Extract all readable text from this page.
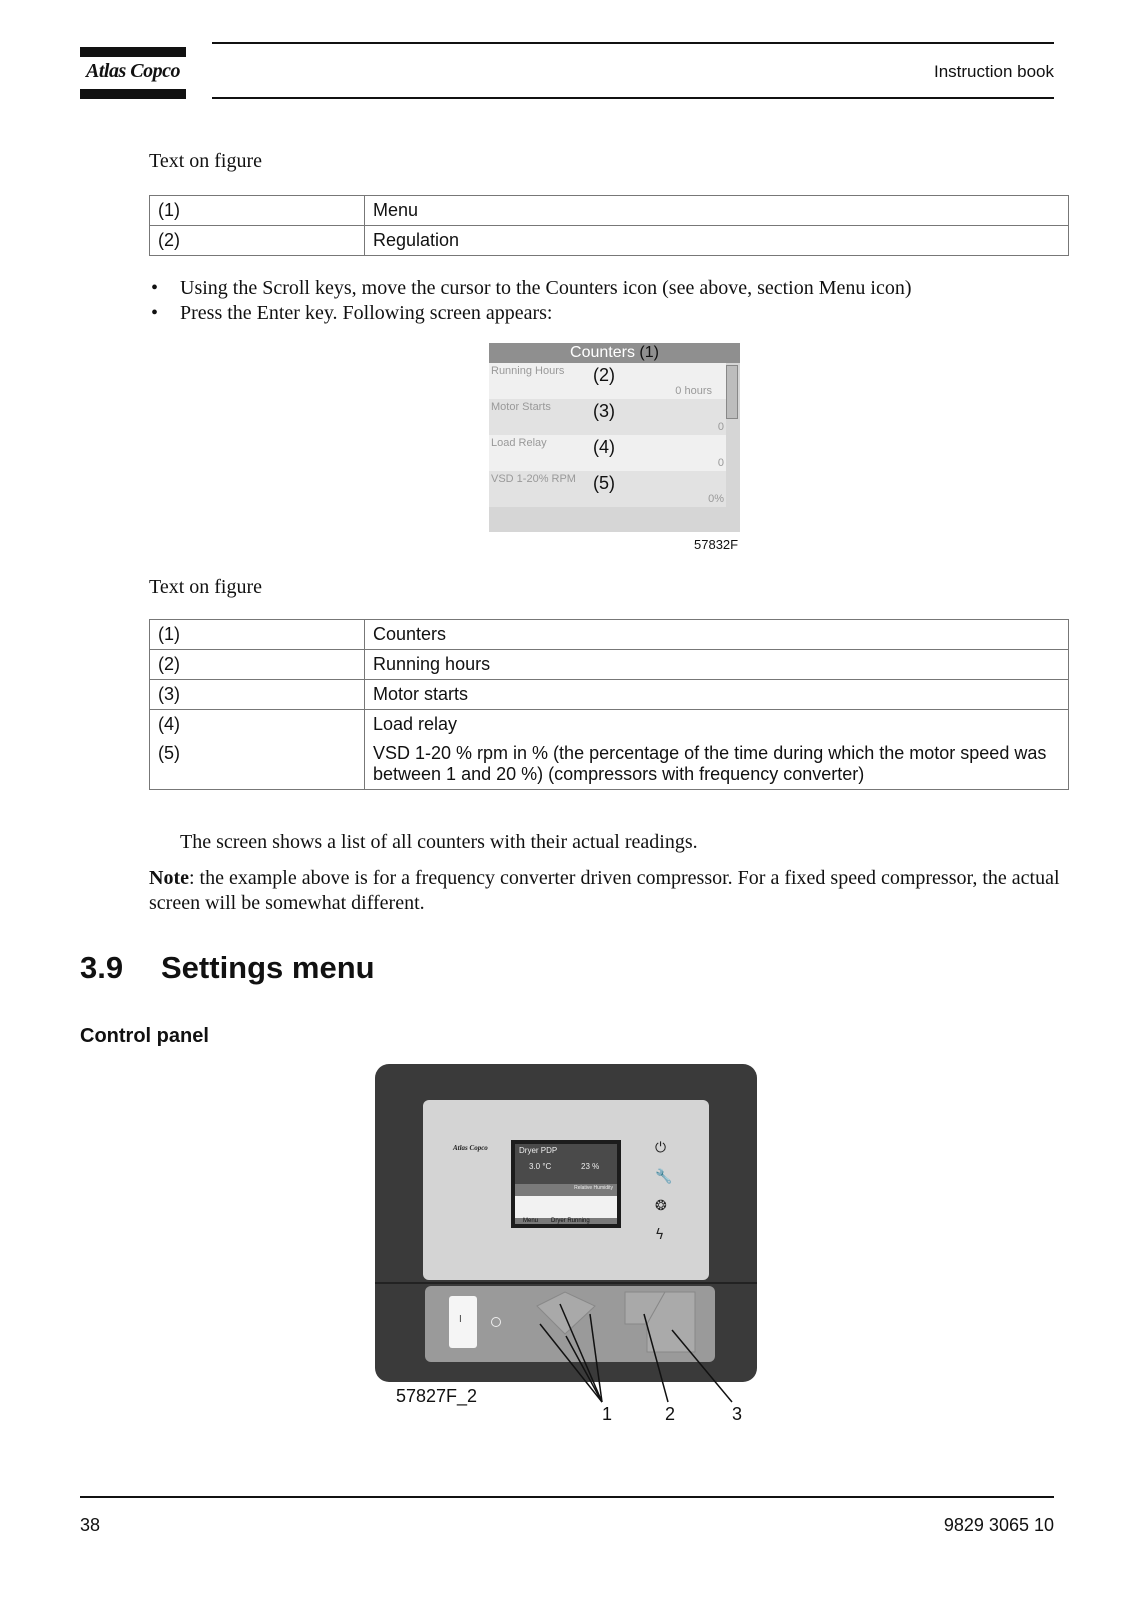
Atlas Copco	Instruction book
Text on figure
(1)	Menu
(2)	Regulation
• Using the Scroll keys, move the cursor to the Counters icon (see above, section Menu icon)
• Press the Enter key. Following screen appears:
Counters (1)
Running Hours (2)
0 hours
Motor Starts (3)
0
Load Relay	(4)
0
VSD 1-20% RPM (5)
0%
57832F
Text on figure
(1)	Counters
(2)	Running hours
(3)	Motor starts
(4)	Load relay
(5)	VSD 1-20 % rpm in % (the percentage of the time during which the motor speed was between 1 and 20 %) (compressors with frequency converter)
The screen shows a list of all counters with their actual readings.
Note: the example above is for a frequency converter driven compressor. For a fixed speed compressor, the actual screen will be somewhat different.
3.9 Settings menu
Control panel
Atlas Copco	Dryer PDP
3.0 °C	23 %
Relative Humidity
Dryer Running
Menu
⏻
🔧
❂
ϟ
I
57827F_2
1	2	3
38	9829 3065 10
